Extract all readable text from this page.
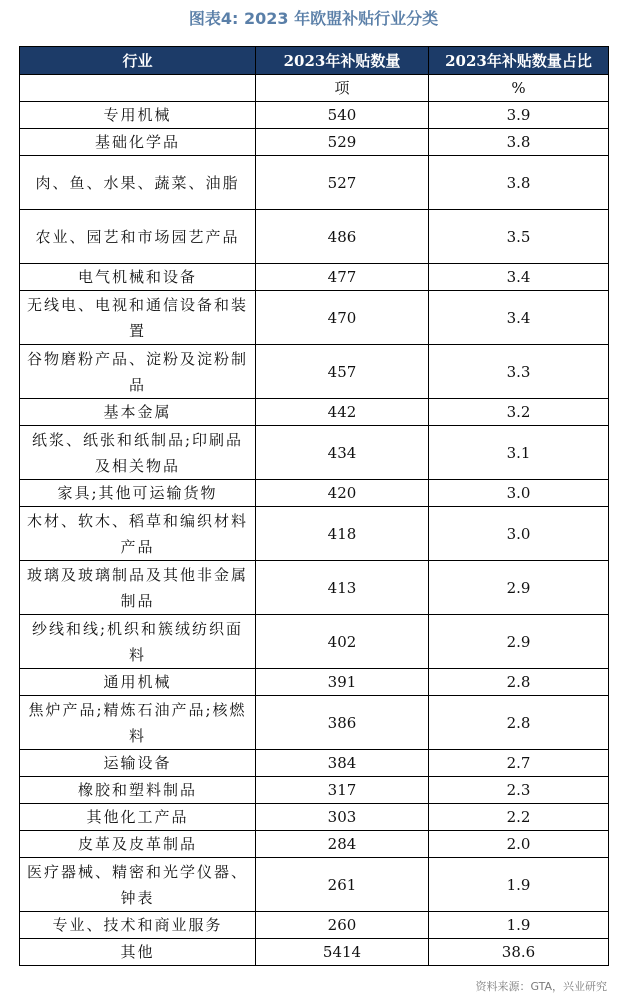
图表4: 2023 年欧盟补贴行业分类
行业	2023年补贴数量	2023年补贴数量占比
	项	%
专用机械	540	3.9
基础化学品	529	3.8
肉、鱼、水果、蔬菜、油脂	527	3.8
农业、园艺和市场园艺产品	486	3.5
电气机械和设备	477	3.4
无线电、电视和通信设备和装置	470	3.4
谷物磨粉产品、淀粉及淀粉制品	457	3.3
基本金属	442	3.2
纸浆、纸张和纸制品;印刷品及相关物品	434	3.1
家具;其他可运输货物	420	3.0
木材、软木、稻草和编织材料产品	418	3.0
玻璃及玻璃制品及其他非金属制品	413	2.9
纱线和线;机织和簇绒纺织面料	402	2.9
通用机械	391	2.8
焦炉产品;精炼石油产品;核燃料	386	2.8
运输设备	384	2.7
橡胶和塑料制品	317	2.3
其他化工产品	303	2.2
皮革及皮革制品	284	2.0
医疗器械、精密和光学仪器、钟表	261	1.9
专业、技术和商业服务	260	1.9
其他	5414	38.6
资料来源：GTA，兴业研究
